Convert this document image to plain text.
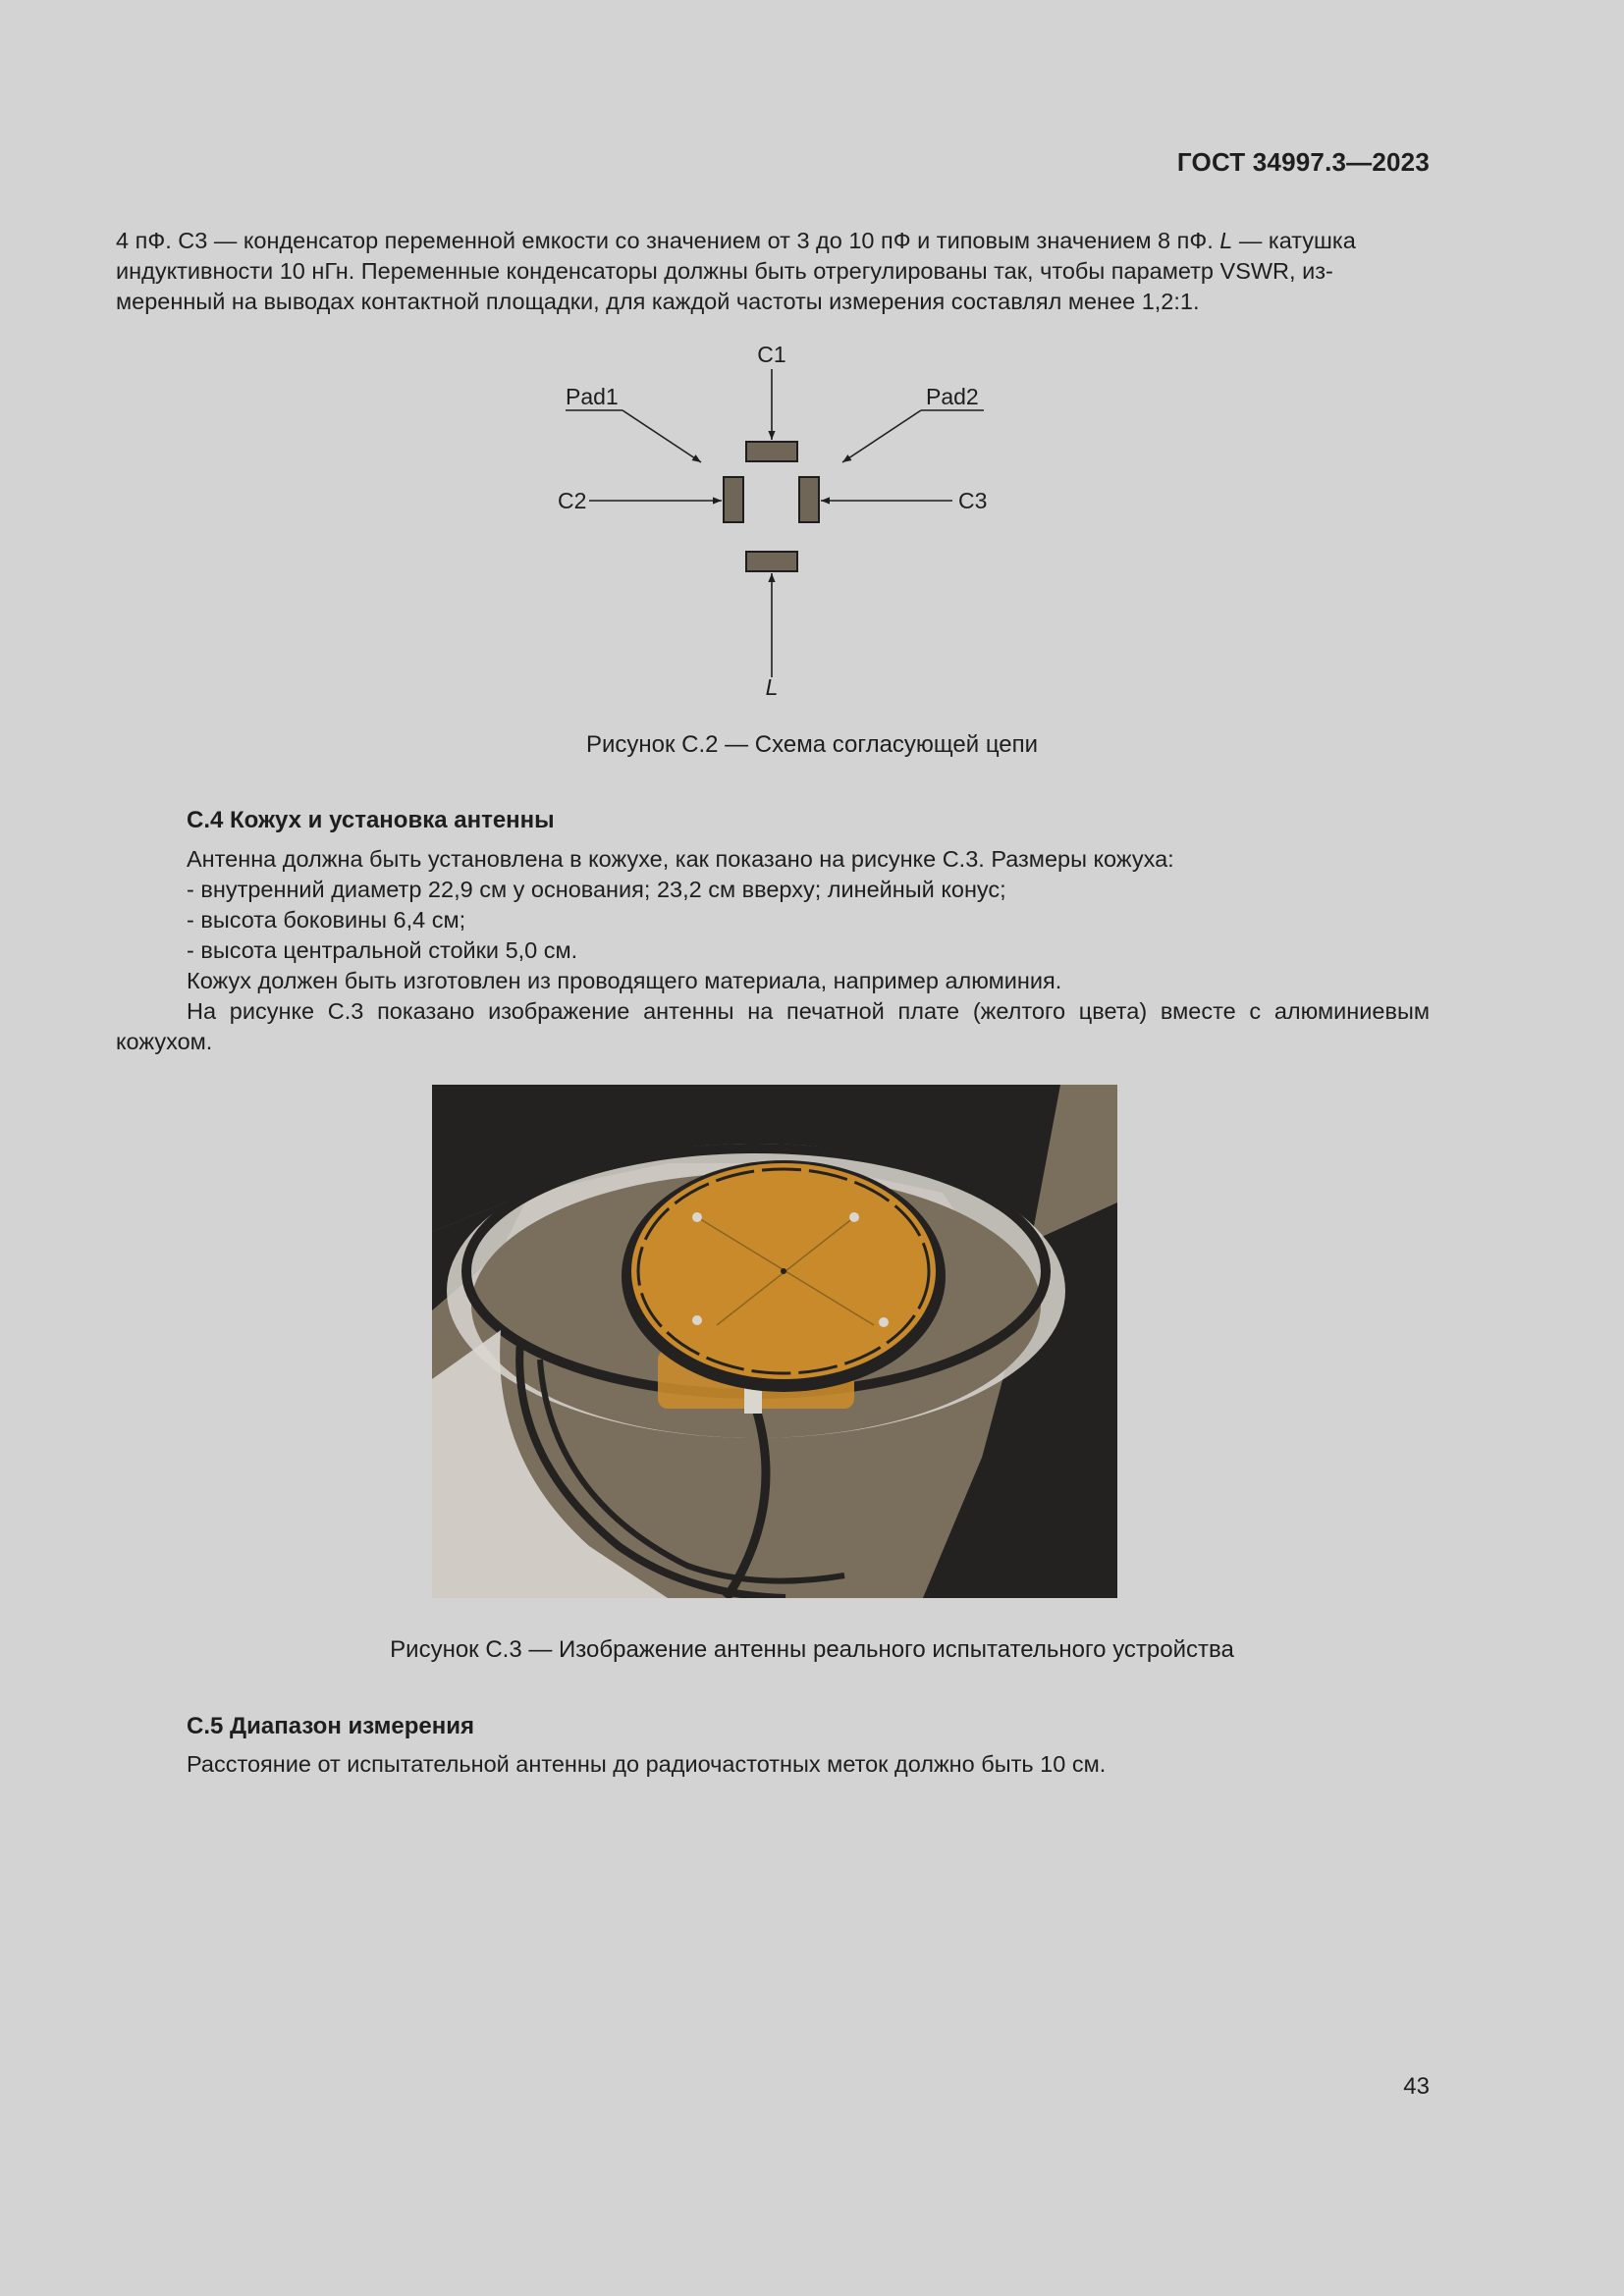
ГОСТ 34997.3—2023
4 пФ. С3 — конденсатор переменной емкости со значением от 3 до 10 пФ и типовым значением 8 пФ. L — катушка
индуктивности 10 нГн. Переменные конденсаторы должны быть отрегулированы так, чтобы параметр VSWR, из-
меренный на выводах контактной площадки, для каждой частоты измерения составлял менее 1,2:1.
C1
Pad1	Pad2
C2	C3
L
Рисунок С.2 — Схема согласующей цепи
С.4 Кожух и установка антенны
Антенна должна быть установлена в кожухе, как показано на рисунке С.3. Размеры кожуха:
- внутренний диаметр 22,9 см у основания; 23,2 см вверху; линейный конус;
- высота боковины 6,4 см;
- высота центральной стойки 5,0 см.
Кожух должен быть изготовлен из проводящего материала, например алюминия.
На рисунке С.3 показано изображение антенны на печатной плате (желтого цвета) вместе с алюминиевым кожухом.
Рисунок С.3 — Изображение антенны реального испытательного устройства
С.5 Диапазон измерения
Расстояние от испытательной антенны до радиочастотных меток должно быть 10 см.
43
